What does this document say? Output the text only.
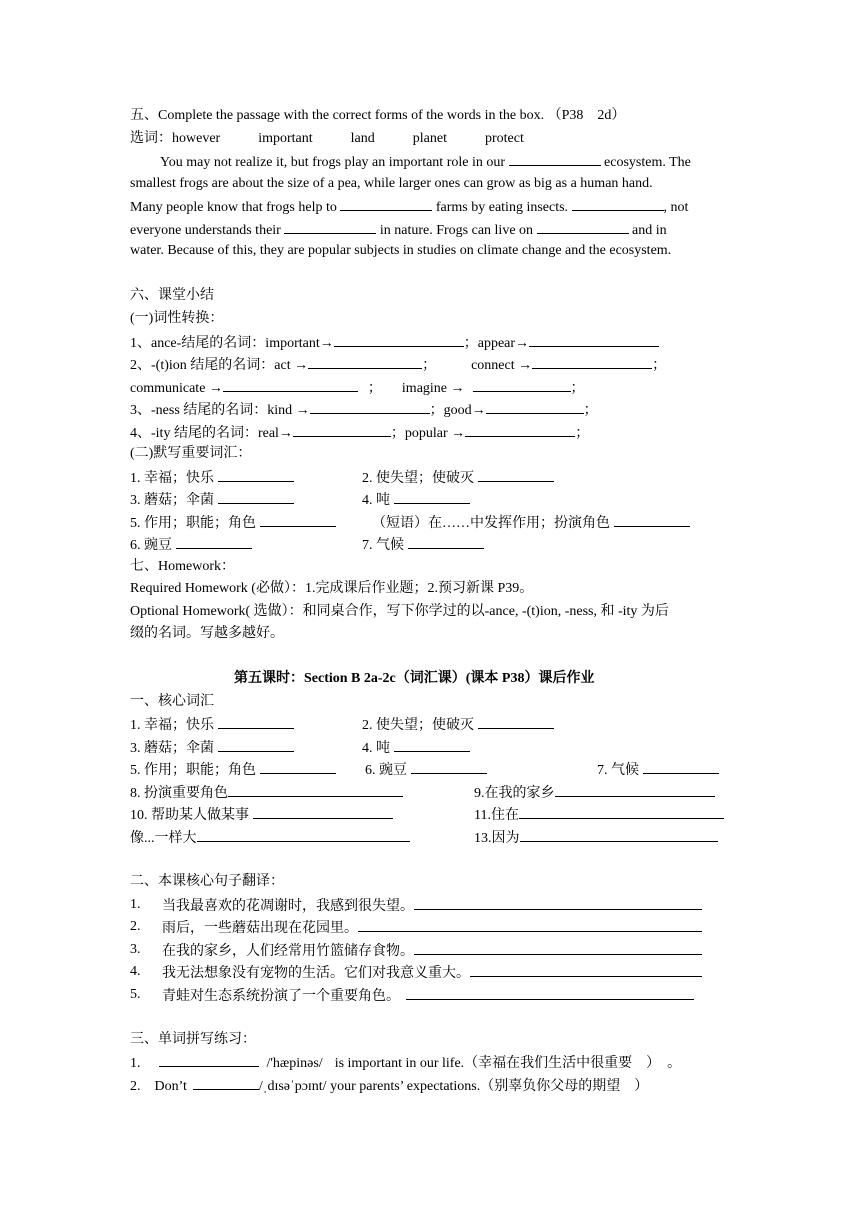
五、Complete the passage with the correct forms of the words in the box. （P38　2d）
选词：however	important	land	planet	protect
You may not realize it, but frogs play an important role in our	ecosystem. The
smallest frogs are about the size of a pea, while larger ones can grow as big as a human hand.
Many people know that frogs help to	farms by eating insects.	, not
everyone understands their	in nature. Frogs can live on	and in
water. Because of this, they are popular subjects in studies on climate change and the ecosystem.
六、课堂小结
(一)词性转换：
1、ance-结尾的名词：important→	；appear→
2、-(t)ion 结尾的名词：act →	；	connect →	；
communicate →	； imagine →	；
3、-ness 结尾的名词：kind →	；good→	；
4、-ity 结尾的名词：real→	；popular →	；
(二)默写重要词汇：
1. 幸福；快乐	2. 使失望；使破灭
3. 蘑菇；伞菌	4. 吨
5. 作用；职能；角色	（短语）在……中发挥作用；扮演角色
6. 豌豆	7. 气候
七、Homework：
Required Homework (必做）：1.完成课后作业题；2.预习新课 P39。
Optional Homework( 选做）：和同桌合作，写下你学过的以-ance, -(t)ion, -ness, 和 -ity 为后
缀的名词。写越多越好。
第五课时：Section B 2a-2c（词汇课）(课本 P38）课后作业
一、核心词汇
1. 幸福；快乐	2. 使失望；使破灭
3. 蘑菇；伞菌	4. 吨
5. 作用；职能；角色	6. 豌豆	7. 气候
8. 扮演重要角色	9.在我的家乡
10. 帮助某人做某事	11.住在
像...一样大	13.因为
二、本课核心句子翻译：
1. 当我最喜欢的花凋谢时，我感到很失望。
2. 雨后，一些蘑菇出现在花园里。
3. 在我的家乡，人们经常用竹篮储存食物。
4. 我无法想象没有宠物的生活。它们对我意义重大。
5. 青蛙对生态系统扮演了一个重要角色。
三、单词拼写练习：
1.	/'hæpinəs/ is important in our life.（幸福在我们生活中很重要　）　。
2. Don’t	/ˌdɪsəˈpɔɪnt/ your parents’ expectations.（别辜负你父母的期望　）
